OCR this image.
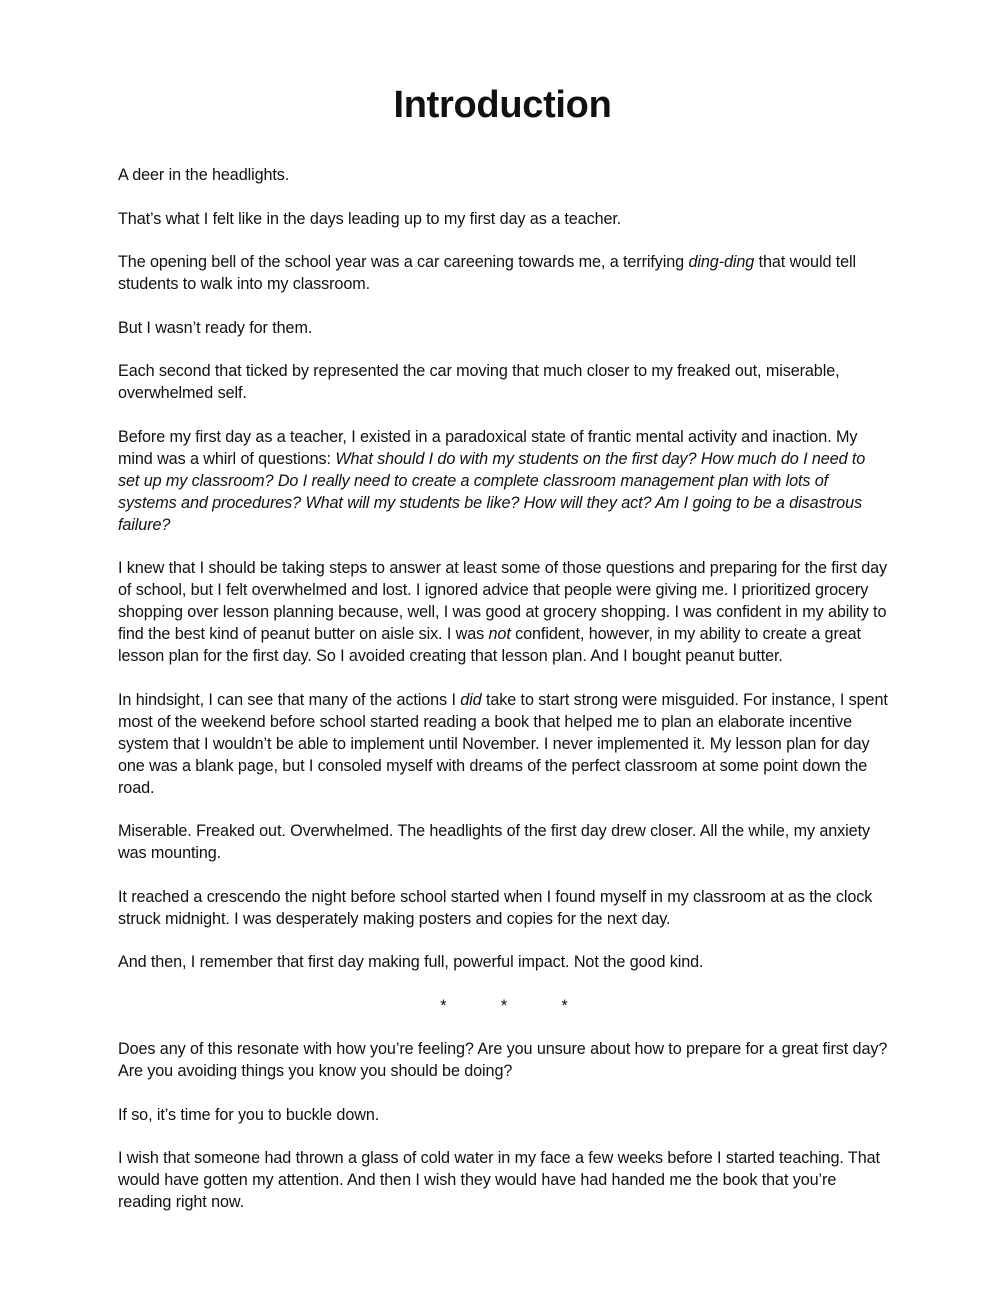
Introduction

A deer in the headlights.

That’s what I felt like in the days leading up to my first day as a teacher.

The opening bell of the school year was a car careening towards me, a terrifying ding-ding that would tell students to walk into my classroom.

But I wasn’t ready for them.

Each second that ticked by represented the car moving that much closer to my freaked out, miserable, overwhelmed self.

Before my first day as a teacher, I existed in a paradoxical state of frantic mental activity and inaction. My mind was a whirl of questions: What should I do with my students on the first day? How much do I need to set up my classroom? Do I really need to create a complete classroom management plan with lots of systems and procedures? What will my students be like? How will they act? Am I going to be a disastrous failure?

I knew that I should be taking steps to answer at least some of those questions and preparing for the first day of school, but I felt overwhelmed and lost. I ignored advice that people were giving me. I prioritized grocery shopping over lesson planning because, well, I was good at grocery shopping. I was confident in my ability to find the best kind of peanut butter on aisle six. I was not confident, however, in my ability to create a great lesson plan for the first day. So I avoided creating that lesson plan. And I bought peanut butter.

In hindsight, I can see that many of the actions I did take to start strong were misguided. For instance, I spent most of the weekend before school started reading a book that helped me to plan an elaborate incentive system that I wouldn’t be able to implement until November. I never implemented it. My lesson plan for day one was a blank page, but I consoled myself with dreams of the perfect classroom at some point down the road.

Miserable. Freaked out. Overwhelmed. The headlights of the first day drew closer. All the while, my anxiety was mounting.

It reached a crescendo the night before school started when I found myself in my classroom at as the clock struck midnight. I was desperately making posters and copies for the next day.

And then, I remember that first day making full, powerful impact. Not the good kind.

* * *

Does any of this resonate with how you’re feeling? Are you unsure about how to prepare for a great first day? Are you avoiding things you know you should be doing?

If so, it’s time for you to buckle down.

I wish that someone had thrown a glass of cold water in my face a few weeks before I started teaching. That would have gotten my attention. And then I wish they would have had handed me the book that you’re reading right now.
